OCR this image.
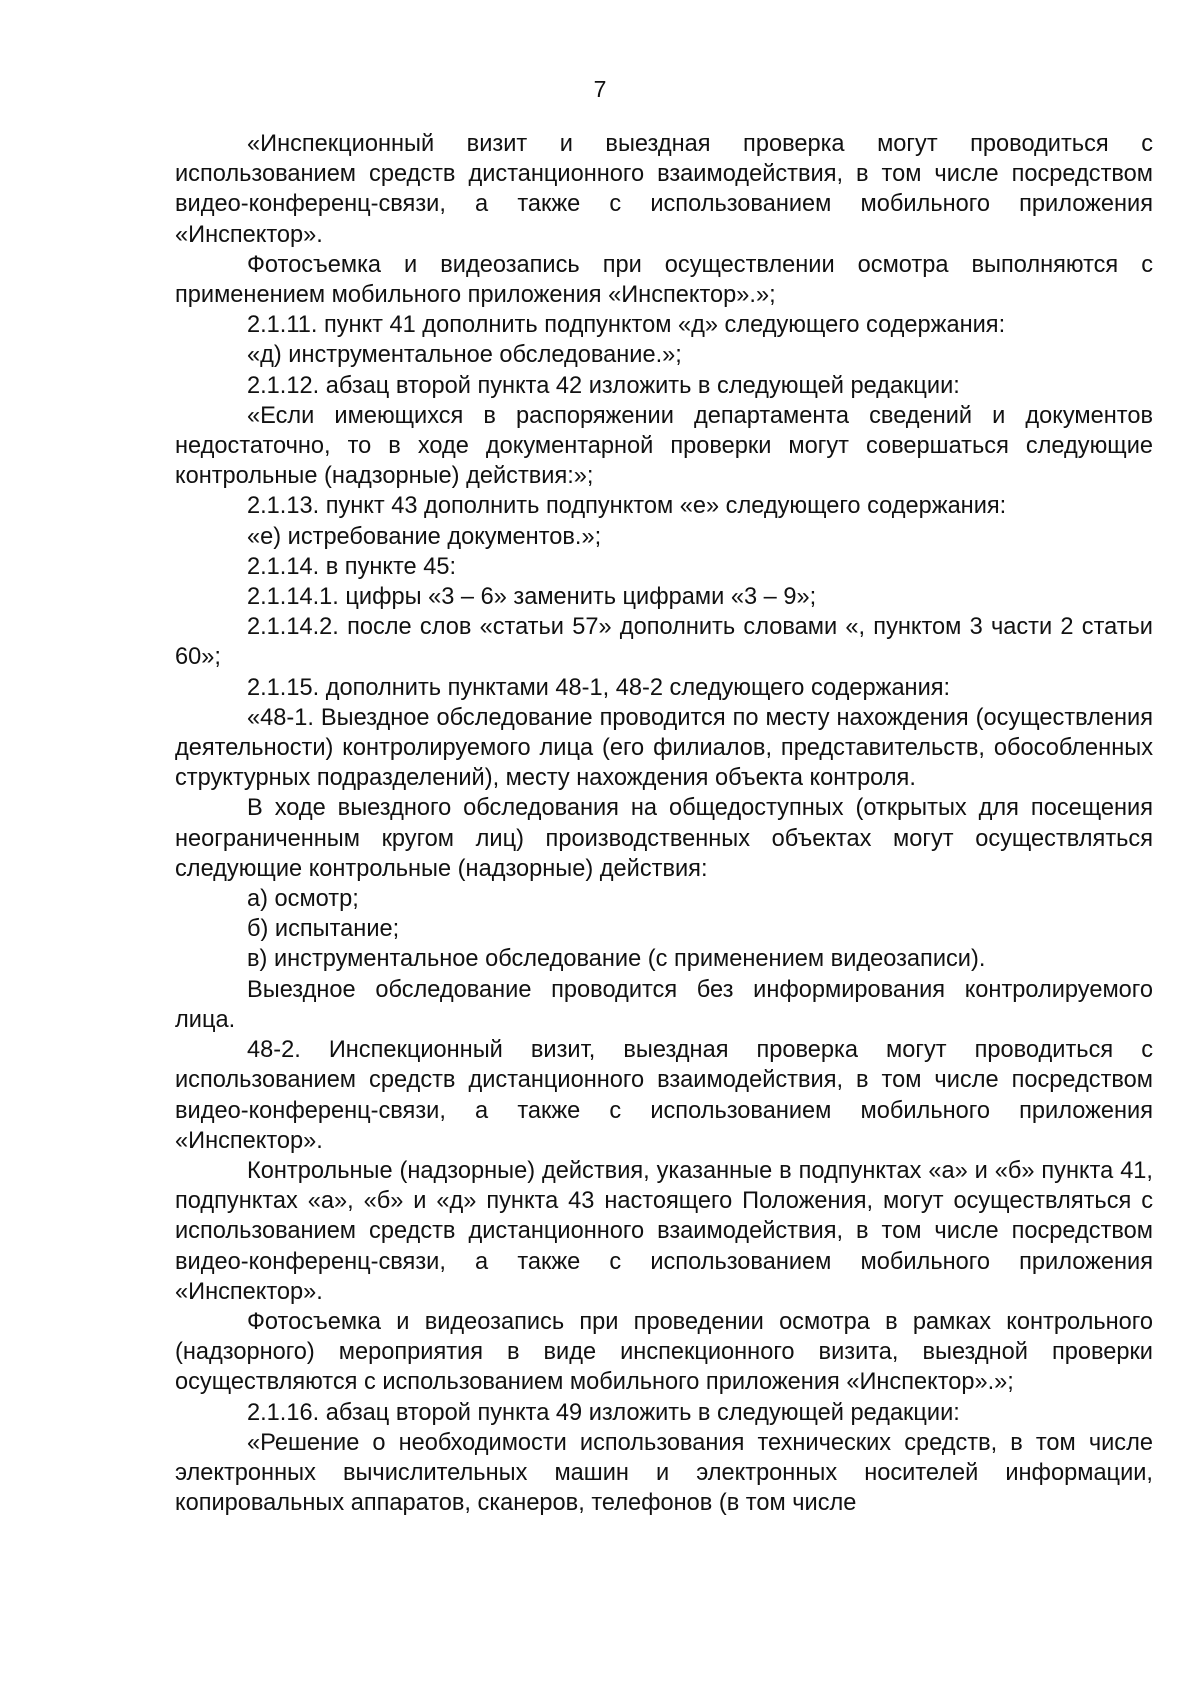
7

«Инспекционный визит и выездная проверка могут проводиться с использованием средств дистанционного взаимодействия, в том числе посредством видео-конференц-связи, а также с использованием мобильного приложения «Инспектор».

Фотосъемка и видеозапись при осуществлении осмотра выполняются с применением мобильного приложения «Инспектор».»;

2.1.11. пункт 41 дополнить подпунктом «д» следующего содержания:

«д) инструментальное обследование.»;

2.1.12. абзац второй пункта 42 изложить в следующей редакции:

«Если имеющихся в распоряжении департамента сведений и документов недостаточно, то в ходе документарной проверки могут совершаться следующие контрольные (надзорные) действия:»;

2.1.13. пункт 43 дополнить подпунктом «е» следующего содержания:

«е) истребование документов.»;

2.1.14. в пункте 45:

2.1.14.1. цифры «3 – 6» заменить цифрами «3 – 9»;

2.1.14.2. после слов «статьи 57» дополнить словами «, пунктом 3 части 2 статьи 60»;

2.1.15. дополнить пунктами 48-1, 48-2 следующего содержания:

«48-1. Выездное обследование проводится по месту нахождения (осуществления деятельности) контролируемого лица (его филиалов, представительств, обособленных структурных подразделений), месту нахождения объекта контроля.

В ходе выездного обследования на общедоступных (открытых для посещения неограниченным кругом лиц) производственных объектах могут осуществляться следующие контрольные (надзорные) действия:

а) осмотр;

б) испытание;

в) инструментальное обследование (с применением видеозаписи).

Выездное обследование проводится без информирования контролируемого лица.

48-2. Инспекционный визит, выездная проверка могут проводиться с использованием средств дистанционного взаимодействия, в том числе посредством видео-конференц-связи, а также с использованием мобильного приложения «Инспектор».

Контрольные (надзорные) действия, указанные в подпунктах «а» и «б» пункта 41, подпунктах «а», «б» и «д» пункта 43 настоящего Положения, могут осуществляться с использованием средств дистанционного взаимодействия, в том числе посредством видео-конференц-связи, а также с использованием мобильного приложения «Инспектор».

Фотосъемка и видеозапись при проведении осмотра в рамках контрольного (надзорного) мероприятия в виде инспекционного визита, выездной проверки осуществляются с использованием мобильного приложения «Инспектор».»;

2.1.16. абзац второй пункта 49 изложить в следующей редакции:

«Решение о необходимости использования технических средств, в том числе электронных вычислительных машин и электронных носителей информации, копировальных аппаратов, сканеров, телефонов (в том числе
